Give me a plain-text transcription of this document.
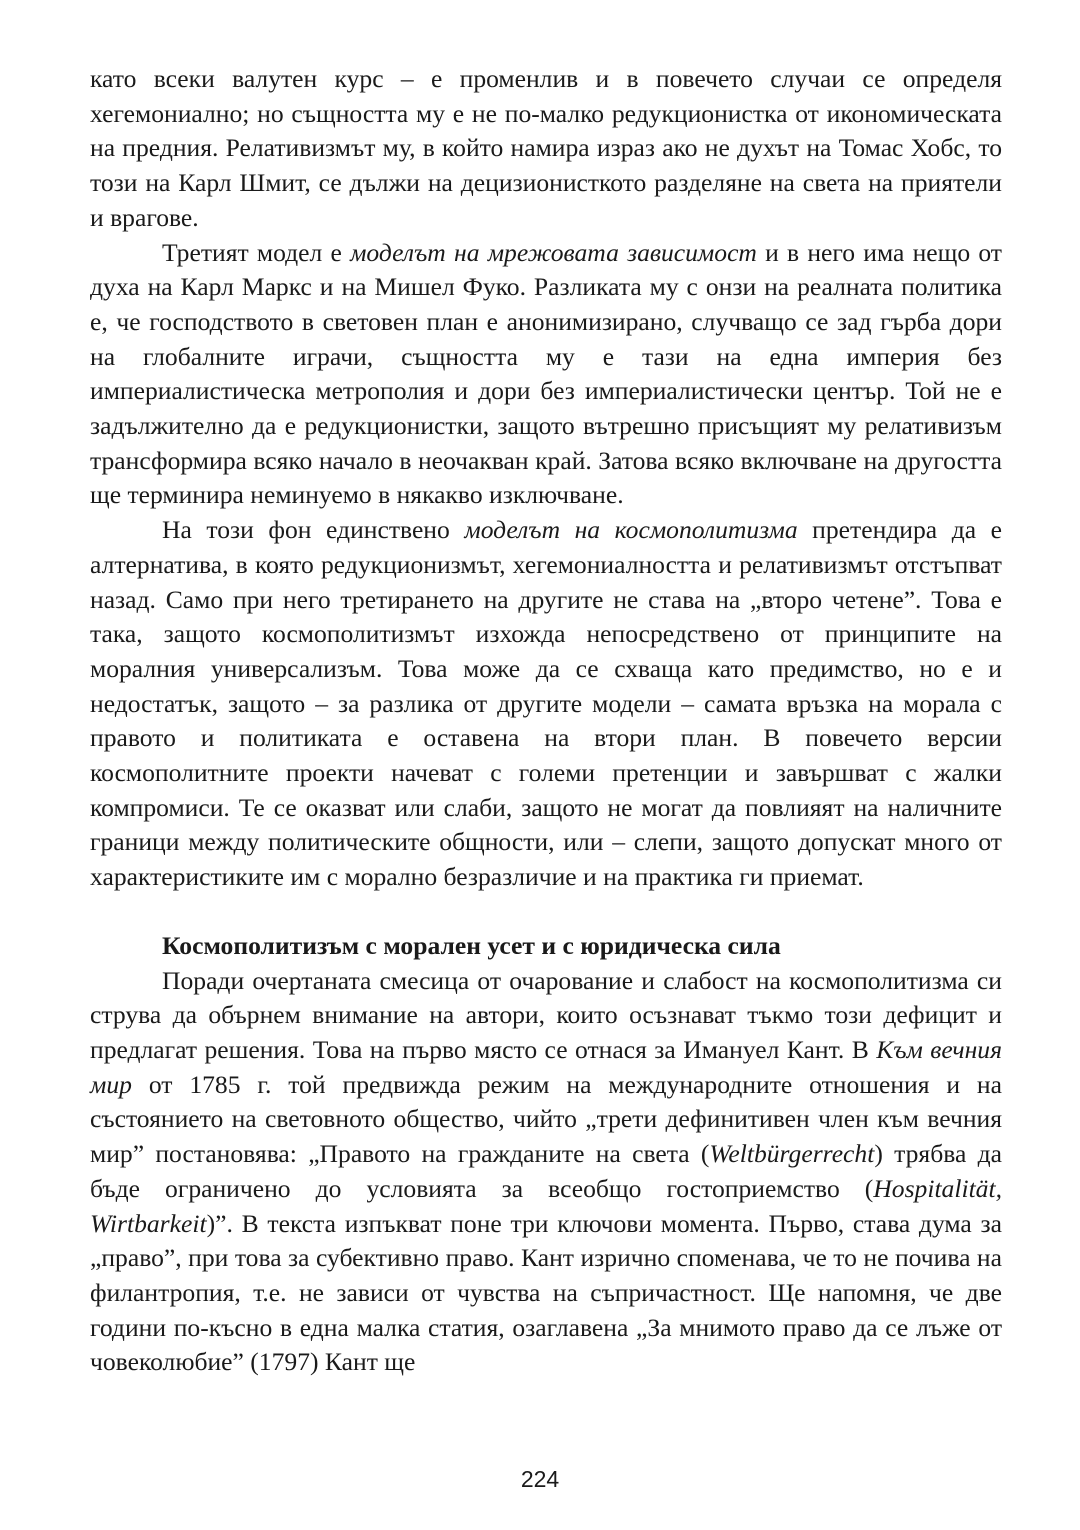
като всеки валутен курс – е променлив и в повечето случаи се определя хегемониално; но същността му е не по-малко редукционистка от икономическата на предния. Релативизмът му, в който намира израз ако не духът на Томас Хобс, то този на Карл Шмит, се дължи на децизионисткото разделяне на света на приятели и врагове.

Третият модел е моделът на мрежовата зависимост и в него има нещо от духа на Карл Маркс и на Мишел Фуко. Разликата му с онзи на реалната политика е, че господството в световен план е анонимизирано, случващо се зад гърба дори на глобалните играчи, същността му е тази на една империя без империалистическа метрополия и дори без империалистически център. Той не е задължително да е редукционистки, защото вътрешно присъщият му релативизъм трансформира всяко начало в неочакван край. Затова всяко включване на другостта ще терминира неминуемо в някакво изключване.

На този фон единствено моделът на космополитизма претендира да е алтернатива, в която редукционизмът, хегемониалността и релативизмът отстъпват назад. Само при него третирането на другите не става на „второ четене”. Това е така, защото космополитизмът изхожда непосредствено от принципите на моралния универсализъм. Това може да се схваща като предимство, но е и недостатък, защото – за разлика от другите модели – самата връзка на морала с правото и политиката е оставена на втори план. В повечето версии космополитните проекти начеват с големи претенции и завършват с жалки компромиси. Те се оказват или слаби, защото не могат да повлияят на наличните граници между политическите общности, или – слепи, защото допускат много от характеристиките им с морално безразличие и на практика ги приемат.

Космополитизъм с морален усет и с юридическа сила

Поради очертаната смесица от очарование и слабост на космополитизма си струва да обърнем внимание на автори, които осъзнават тъкмо този дефицит и предлагат решения. Това на първо място се отнася за Имануел Кант. В Към вечния мир от 1785 г. той предвижда режим на международните отношения и на състоянието на световното общество, чийто „трети дефинитивен член към вечния мир” постановява: „Правото на гражданите на света (Weltbürgerrecht) трябва да бъде ограничено до условията за всеобщо гостоприемство (Hospitalität, Wirtbarkeit)”. В текста изпъкват поне три ключови момента. Първо, става дума за „право”, при това за субективно право. Кант изрично споменава, че то не почива на филантропия, т.е. не зависи от чувства на съпричастност. Ще напомня, че две години по-късно в една малка статия, озаглавена „За мнимото право да се лъже от човеколюбие” (1797) Кант ще

224
